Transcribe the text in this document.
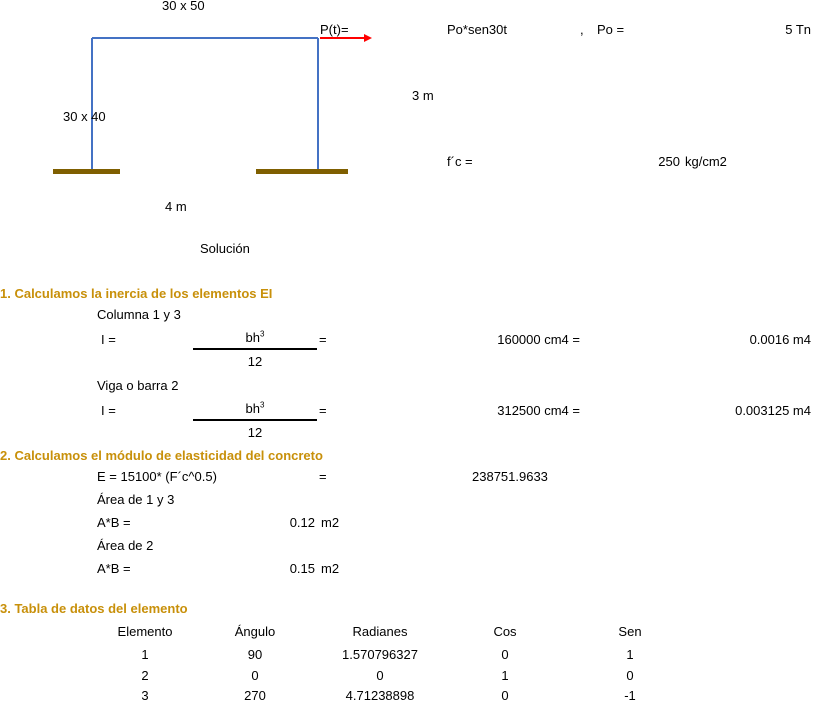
30 x 50
30 x 40
4 m
3 m
P(t)=	Po*sen30t	, Po =	5 Tn
f´c =	250 kg/cm2
Solución
1. Calculamos la inercia de los elementos EI
Columna 1 y 3
I =	$bh^3$
12
=	160000 cm4 =	0.0016 m4
Viga o barra 2
I =	$bh^3$
12
=	312500 cm4 =	0.003125 m4
2. Calculamos el módulo de elasticidad del concreto
E = 15100* (F´c^0.5)	=	238751.9633
Área de 1 y 3
A*B =	0.12 m2
Área de 2
A*B =	0.15 m2
3. Tabla de datos del elemento
Elemento	Ángulo	Radianes	Cos	Sen
1	90	1.570796327	0	1
2	0	0	1	0
3	270	4.71238898	0	-1
